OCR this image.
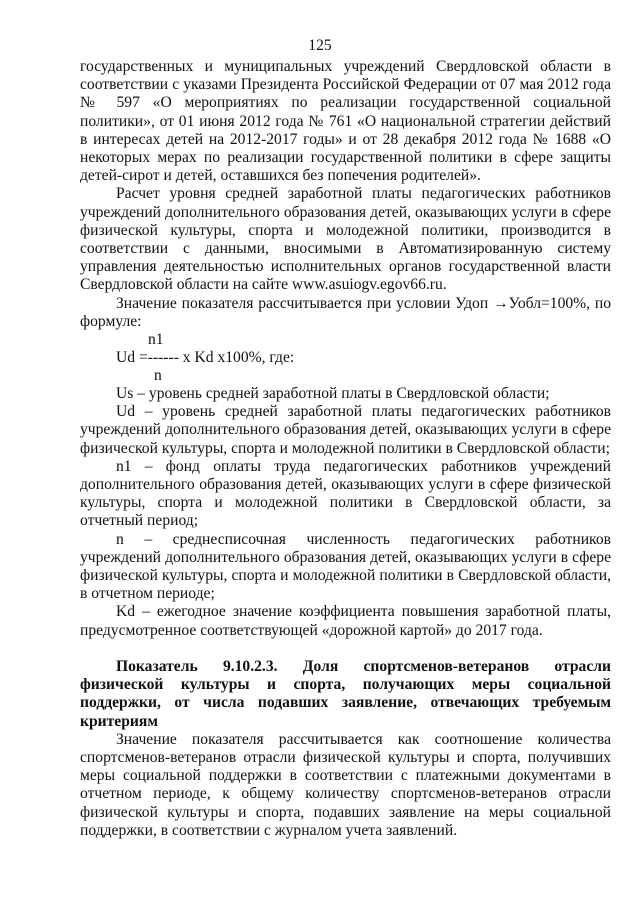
125

государственных и муниципальных учреждений Свердловской области в соответствии с указами Президента Российской Федерации от 07 мая 2012 года № 597 «О мероприятиях по реализации государственной социальной политики», от 01 июня 2012 года № 761 «О национальной стратегии действий в интересах детей на 2012-2017 годы» и от 28 декабря 2012 года № 1688 «О некоторых мерах по реализации государственной политики в сфере защиты детей-сирот и детей, оставшихся без попечения родителей».

Расчет уровня средней заработной платы педагогических работников учреждений дополнительного образования детей, оказывающих услуги в сфере физической культуры, спорта и молодежной политики, производится в соответствии с данными, вносимыми в Автоматизированную систему управления деятельностью исполнительных органов государственной власти Свердловской области на сайте www.asuiogv.egov66.ru.

Значение показателя рассчитывается при условии Удоп →Уобл=100%, по формуле:

n1
Ud =------ x Kd x100%, где:
n

Us – уровень средней заработной платы в Свердловской области;

Ud – уровень средней заработной платы педагогических работников учреждений дополнительного образования детей, оказывающих услуги в сфере физической культуры, спорта и молодежной политики в Свердловской области;

n1 – фонд оплаты труда педагогических работников учреждений дополнительного образования детей, оказывающих услуги в сфере физической культуры, спорта и молодежной политики в Свердловской области, за отчетный период;

n – среднесписочная численность педагогических работников учреждений дополнительного образования детей, оказывающих услуги в сфере физической культуры, спорта и молодежной политики в Свердловской области, в отчетном периоде;

Kd – ежегодное значение коэффициента повышения заработной платы, предусмотренное соответствующей «дорожной картой» до 2017 года.

Показатель 9.10.2.3. Доля спортсменов-ветеранов отрасли физической культуры и спорта, получающих меры социальной поддержки, от числа подавших заявление, отвечающих требуемым критериям

Значение показателя рассчитывается как соотношение количества спортсменов-ветеранов отрасли физической культуры и спорта, получивших меры социальной поддержки в соответствии с платежными документами в отчетном периоде, к общему количеству спортсменов-ветеранов отрасли физической культуры и спорта, подавших заявление на меры социальной поддержки, в соответствии с журналом учета заявлений.
